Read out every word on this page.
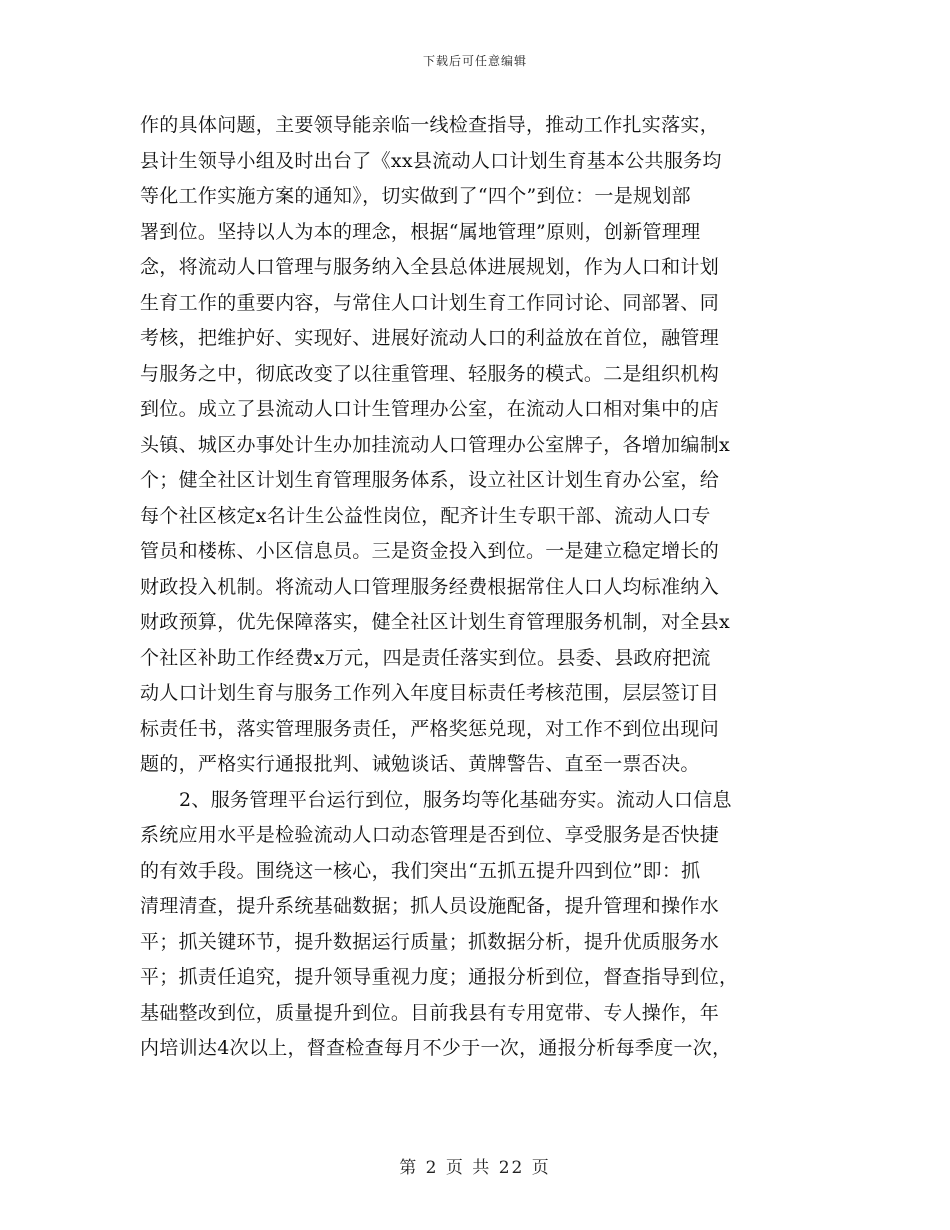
下载后可任意编辑
作的具体问题，主要领导能亲临一线检查指导，推动工作扎实落实，
县计生领导小组及时出台了《xx县流动人口计划生育基本公共服务均
等化工作实施方案的通知》，切实做到了“四个”到位：一是规划部
署到位。坚持以人为本的理念，根据“属地管理”原则，创新管理理
念，将流动人口管理与服务纳入全县总体进展规划，作为人口和计划
生育工作的重要内容，与常住人口计划生育工作同讨论、同部署、同
考核，把维护好、实现好、进展好流动人口的利益放在首位，融管理
与服务之中，彻底改变了以往重管理、轻服务的模式。二是组织机构
到位。成立了县流动人口计生管理办公室，在流动人口相对集中的店
头镇、城区办事处计生办加挂流动人口管理办公室牌子，各增加编制x
个；健全社区计划生育管理服务体系，设立社区计划生育办公室，给
每个社区核定x名计生公益性岗位，配齐计生专职干部、流动人口专
管员和楼栋、小区信息员。三是资金投入到位。一是建立稳定增长的
财政投入机制。将流动人口管理服务经费根据常住人口人均标准纳入
财政预算，优先保障落实，健全社区计划生育管理服务机制，对全县x
个社区补助工作经费x万元，四是责任落实到位。县委、县政府把流
动人口计划生育与服务工作列入年度目标责任考核范围，层层签订目
标责任书，落实管理服务责任，严格奖惩兑现，对工作不到位出现问
题的，严格实行通报批判、诫勉谈话、黄牌警告、直至一票否决。
2、服务管理平台运行到位，服务均等化基础夯实。流动人口信息
系统应用水平是检验流动人口动态管理是否到位、享受服务是否快捷
的有效手段。围绕这一核心，我们突出“五抓五提升四到位”即：抓
清理清查，提升系统基础数据；抓人员设施配备，提升管理和操作水
平；抓关键环节，提升数据运行质量；抓数据分析，提升优质服务水
平；抓责任追究，提升领导重视力度；通报分析到位，督查指导到位，
基础整改到位，质量提升到位。目前我县有专用宽带、专人操作，年
内培训达4次以上，督查检查每月不少于一次，通报分析每季度一次，
第 2 页 共 22 页
